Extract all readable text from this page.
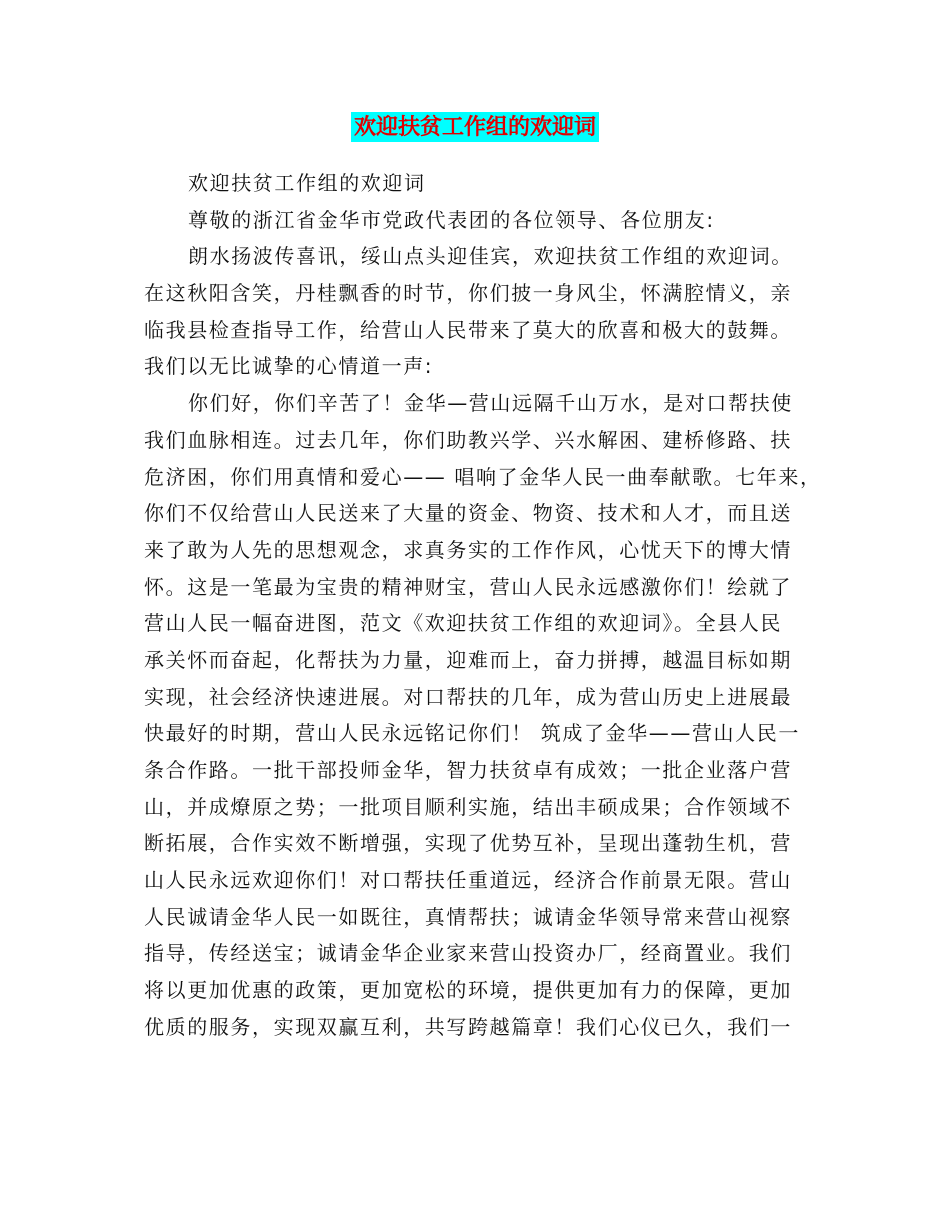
欢迎扶贫工作组的欢迎词
欢迎扶贫工作组的欢迎词
尊敬的浙江省金华市党政代表团的各位领导、各位朋友:
朗水扬波传喜讯，绥山点头迎佳宾，欢迎扶贫工作组的欢迎词。
在这秋阳含笑，丹桂飘香的时节，你们披一身风尘，怀满腔情义，亲
临我县检查指导工作，给营山人民带来了莫大的欣喜和极大的鼓舞。
我们以无比诚挚的心情道一声:
你们好，你们辛苦了！金华—营山远隔千山万水，是对口帮扶使
我们血脉相连。过去几年，你们助教兴学、兴水解困、建桥修路、扶
危济困，你们用真情和爱心—— 唱响了金华人民一曲奉献歌。七年来，
你们不仅给营山人民送来了大量的资金、物资、技术和人才，而且送
来了敢为人先的思想观念，求真务实的工作作风，心忧天下的博大情
怀。这是一笔最为宝贵的精神财宝，营山人民永远感激你们！绘就了
营山人民一幅奋进图，范文《欢迎扶贫工作组的欢迎词》。全县人民
承关怀而奋起，化帮扶为力量，迎难而上，奋力拼搏，越温目标如期
实现，社会经济快速进展。对口帮扶的几年，成为营山历史上进展最
快最好的时期，营山人民永远铭记你们！ 筑成了金华——营山人民一
条合作路。一批干部投师金华，智力扶贫卓有成效；一批企业落户营
山，并成燎原之势；一批项目顺利实施，结出丰硕成果；合作领域不
断拓展，合作实效不断增强，实现了优势互补，呈现出蓬勃生机，营
山人民永远欢迎你们！对口帮扶任重道远，经济合作前景无限。营山
人民诚请金华人民一如既往，真情帮扶；诚请金华领导常来营山视察
指导，传经送宝；诚请金华企业家来营山投资办厂，经商置业。我们
将以更加优惠的政策，更加宽松的环境，提供更加有力的保障，更加
优质的服务，实现双赢互利，共写跨越篇章！我们心仪已久，我们一
